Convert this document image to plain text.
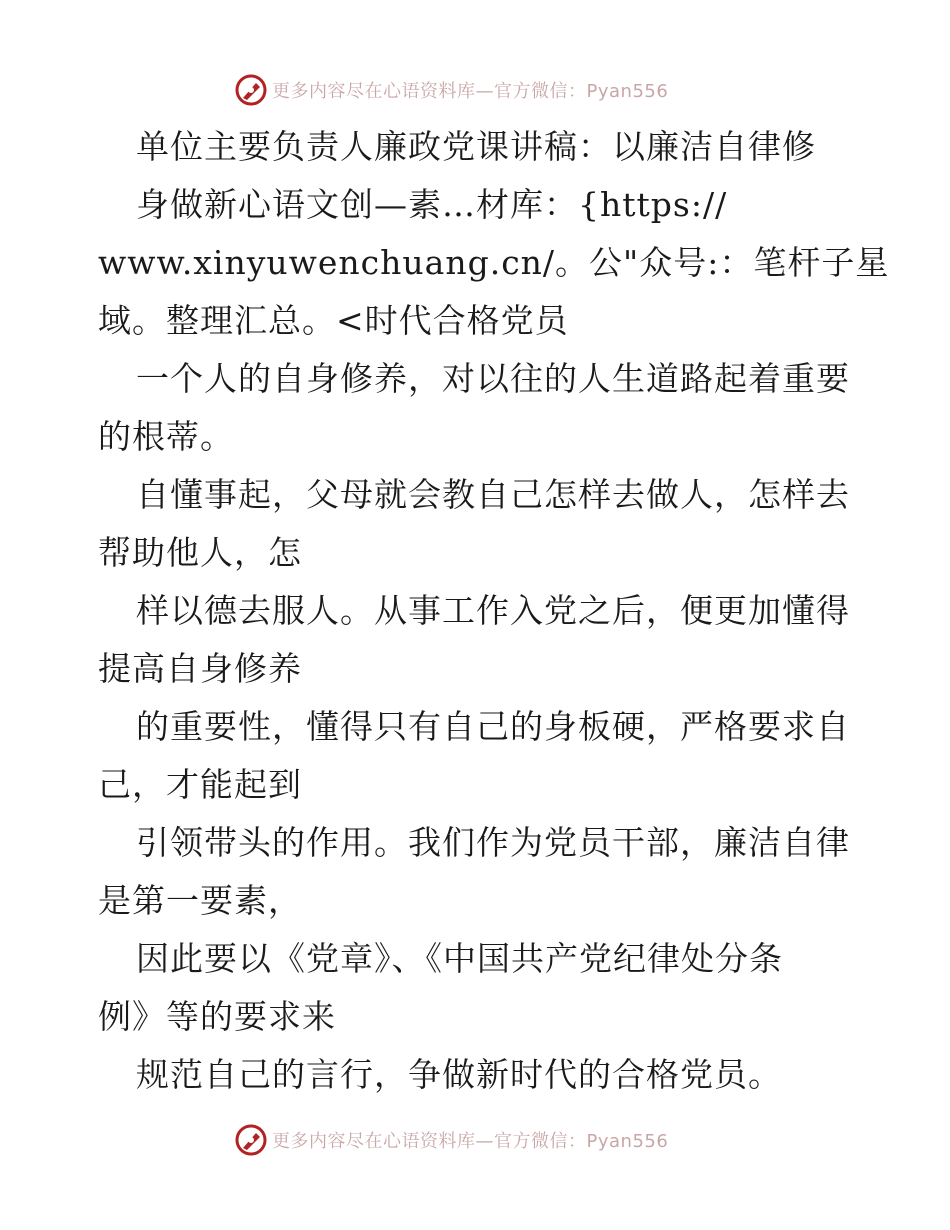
更多内容尽在心语资料库—官方微信：Pyan556
单位主要负责人廉政党课讲稿：以廉洁自律修
身做新心语文创—素…材库：{https://
www.xinyuwenchuang.cn/。公"众号:：笔杆子星
域。整理汇总。<时代合格党员
一个人的自身修养，对以往的人生道路起着重要
的根蒂。
自懂事起，父母就会教自己怎样去做人，怎样去
帮助他人，怎
样以德去服人。从事工作入党之后，便更加懂得
提高自身修养
的重要性，懂得只有自己的身板硬，严格要求自
己，才能起到
引领带头的作用。我们作为党员干部，廉洁自律
是第一要素，
因此要以《党章》、《中国共产党纪律处分条
例》等的要求来
规范自己的言行，争做新时代的合格党员。
更多内容尽在心语资料库—官方微信：Pyan556
